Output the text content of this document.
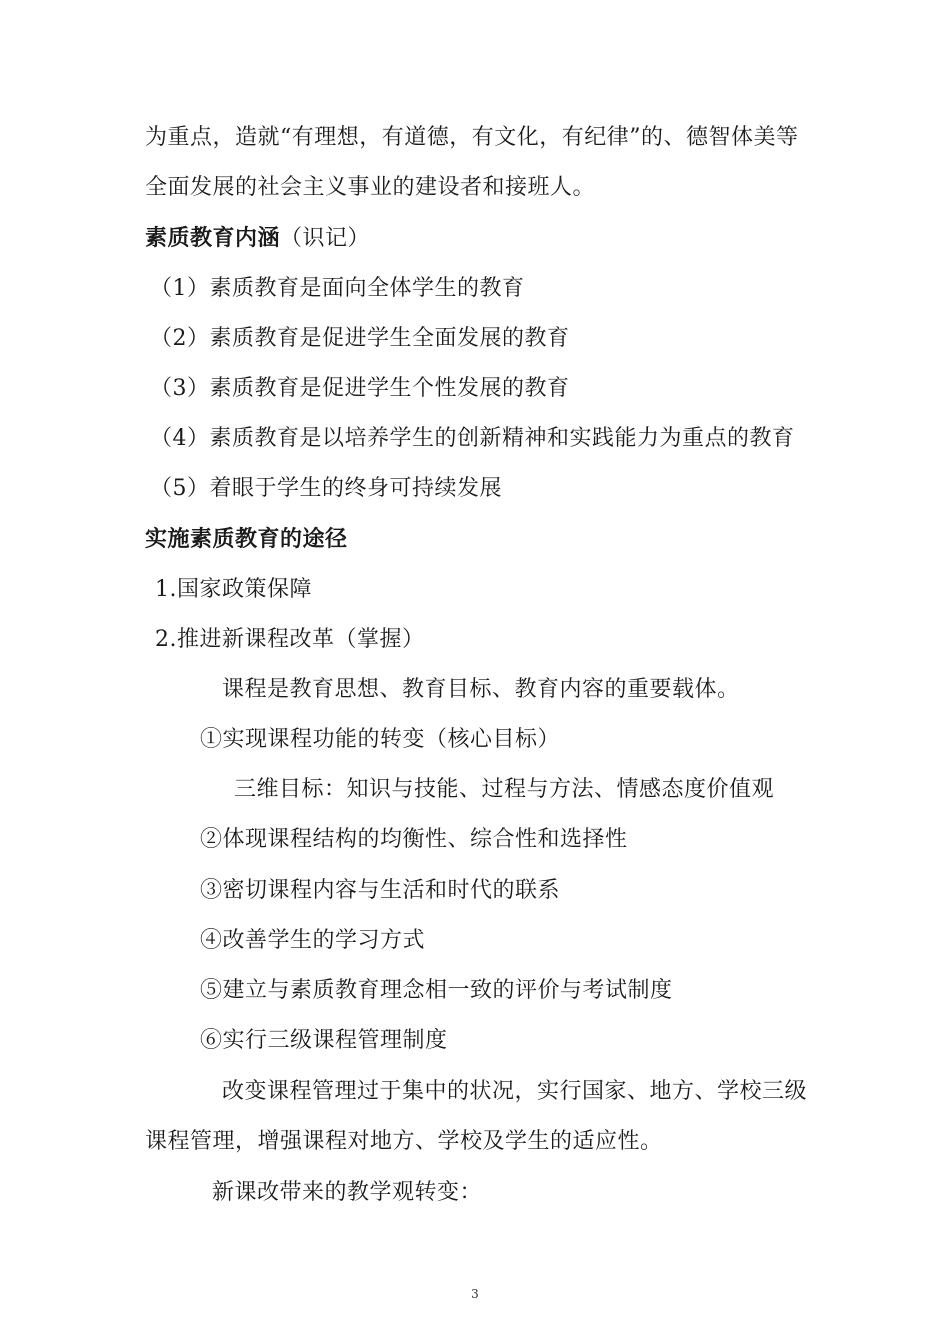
为重点，造就“有理想，有道德，有文化，有纪律”的、德智体美等
全面发展的社会主义事业的建设者和接班人。
素质教育内涵（识记）
（1）素质教育是面向全体学生的教育
（2）素质教育是促进学生全面发展的教育
（3）素质教育是促进学生个性发展的教育
（4）素质教育是以培养学生的创新精神和实践能力为重点的教育
（5）着眼于学生的终身可持续发展
实施素质教育的途径
1.国家政策保障
2.推进新课程改革（掌握）
课程是教育思想、教育目标、教育内容的重要载体。
①实现课程功能的转变（核心目标）
三维目标：知识与技能、过程与方法、情感态度价值观
②体现课程结构的均衡性、综合性和选择性
③密切课程内容与生活和时代的联系
④改善学生的学习方式
⑤建立与素质教育理念相一致的评价与考试制度
⑥实行三级课程管理制度
改变课程管理过于集中的状况，实行国家、地方、学校三级
课程管理，增强课程对地方、学校及学生的适应性。
新课改带来的教学观转变：
3
